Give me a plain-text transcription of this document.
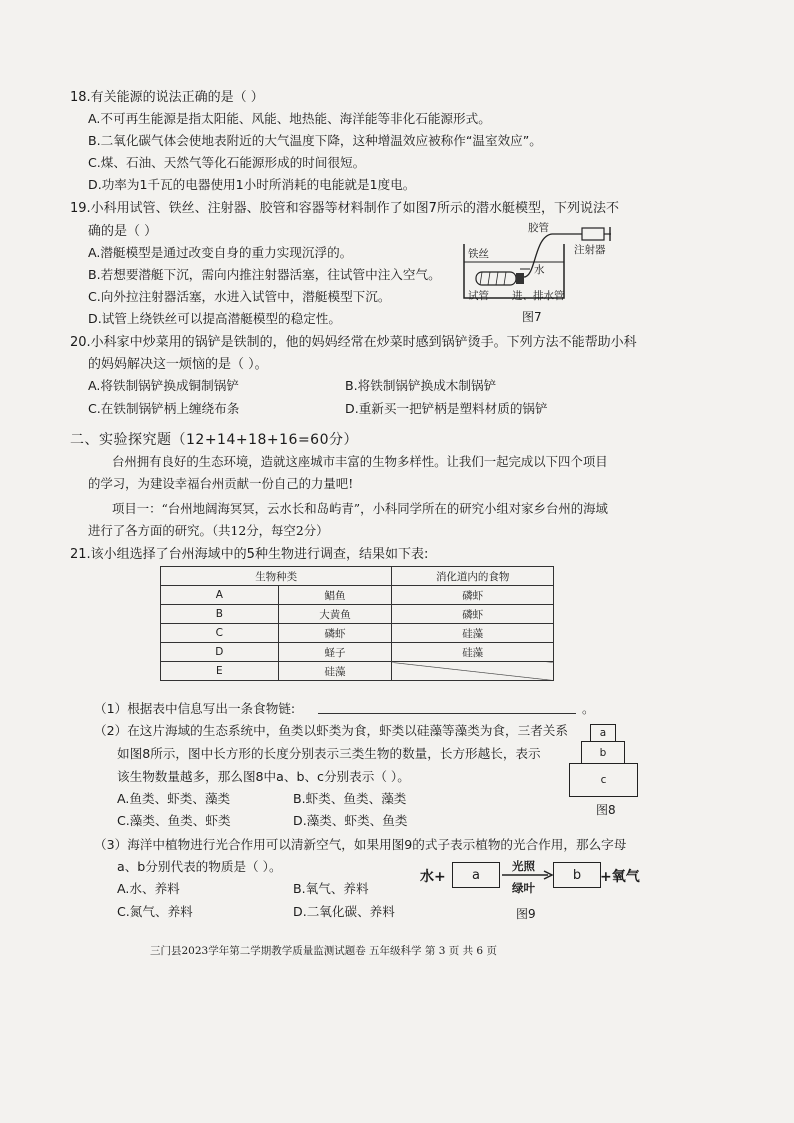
18.有关能源的说法正确的是（ ）
A.不可再生能源是指太阳能、风能、地热能、海洋能等非化石能源形式。
B.二氧化碳气体会使地表附近的大气温度下降，这种增温效应被称作“温室效应”。
C.煤、石油、天然气等化石能源形成的时间很短。
D.功率为1千瓦的电器使用1小时所消耗的电能就是1度电。
19.小科用试管、铁丝、注射器、胶管和容器等材料制作了如图7所示的潜水艇模型，下列说法不
确的是（ ）
A.潜艇模型是通过改变自身的重力实现沉浮的。
B.若想要潜艇下沉，需向内推注射器活塞，往试管中注入空气。
C.向外拉注射器活塞，水进入试管中，潜艇模型下沉。
D.试管上绕铁丝可以提高潜艇模型的稳定性。
胶管
注射器
铁丝
水
试管 进、排水管
图7
20.小科家中炒菜用的锅铲是铁制的，他的妈妈经常在炒菜时感到锅铲烫手。下列方法不能帮助小科
的妈妈解决这一烦恼的是（ ）。
A.将铁制锅铲换成铜制锅铲	B.将铁制锅铲换成木制锅铲
C.在铁制锅铲柄上缠绕布条	D.重新买一把铲柄是塑料材质的锅铲
二、实验探究题（12+14+18+16=60分）
台州拥有良好的生态环境，造就这座城市丰富的生物多样性。让我们一起完成以下四个项目
的学习，为建设幸福台州贡献一份自己的力量吧!
项目一：“台州地阔海冥冥，云水长和岛屿青”，小科同学所在的研究小组对家乡台州的海域
进行了各方面的研究。（共12分，每空2分）
21.该小组选择了台州海域中的5种生物进行调查，结果如下表:
生物种类		消化道内的食物
A	鲳鱼	磷虾
B	大黄鱼	磷虾
C	磷虾	硅藻
D	蛏子	硅藻
E	硅藻	
（1）根据表中信息写出一条食物链:	。
（2）在这片海域的生态系统中，鱼类以虾类为食，虾类以硅藻等藻类为食，三者关系
如图8所示，图中长方形的长度分别表示三类生物的数量，长方形越长，表示
该生物数量越多，那么图8中a、b、c分别表示（ ）。
A.鱼类、虾类、藻类	B.虾类、鱼类、藻类
C.藻类、鱼类、虾类	D.藻类、虾类、鱼类
a
b
c
图8
（3）海洋中植物进行光合作用可以清新空气，如果用图9的式子表示植物的光合作用，那么字母
a、b分别代表的物质是（ ）。
A.水、养料	B.氧气、养料
C.氮气、养料	D.二氧化碳、养料
水+	a
光照
绿叶
b	+氧气
图9
三门县2023学年第二学期教学质量监测试题卷 五年级科学 第 3 页 共 6 页
